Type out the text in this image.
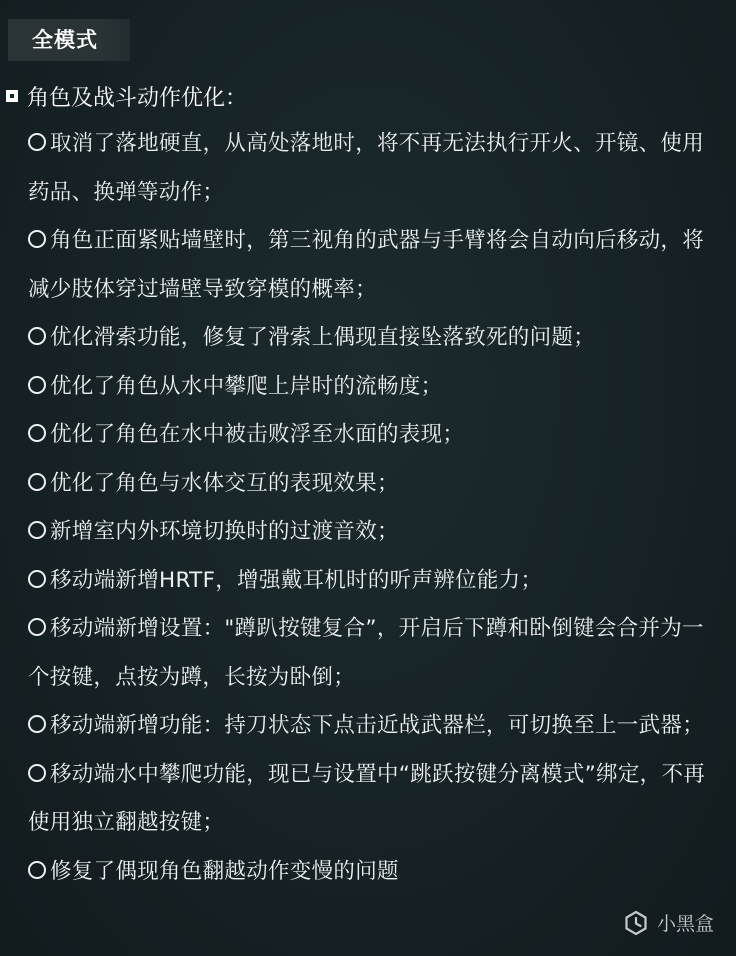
全模式
角色及战斗动作优化：
取消了落地硬直，从高处落地时，将不再无法执行开火、开镜、使用药品、换弹等动作；
角色正面紧贴墙壁时，第三视角的武器与手臂将会自动向后移动，将减少肢体穿过墙壁导致穿模的概率；
优化滑索功能，修复了滑索上偶现直接坠落致死的问题；
优化了角色从水中攀爬上岸时的流畅度；
优化了角色在水中被击败浮至水面的表现；
优化了角色与水体交互的表现效果；
新增室内外环境切换时的过渡音效；
移动端新增HRTF，增强戴耳机时的听声辨位能力；
移动端新增设置："蹲趴按键复合”，开启后下蹲和卧倒键会合并为一个按键，点按为蹲，长按为卧倒；
移动端新增功能：持刀状态下点击近战武器栏，可切换至上一武器；
移动端水中攀爬功能，现已与设置中“跳跃按键分离模式”绑定，不再使用独立翻越按键；
修复了偶现角色翻越动作变慢的问题
小黑盒
